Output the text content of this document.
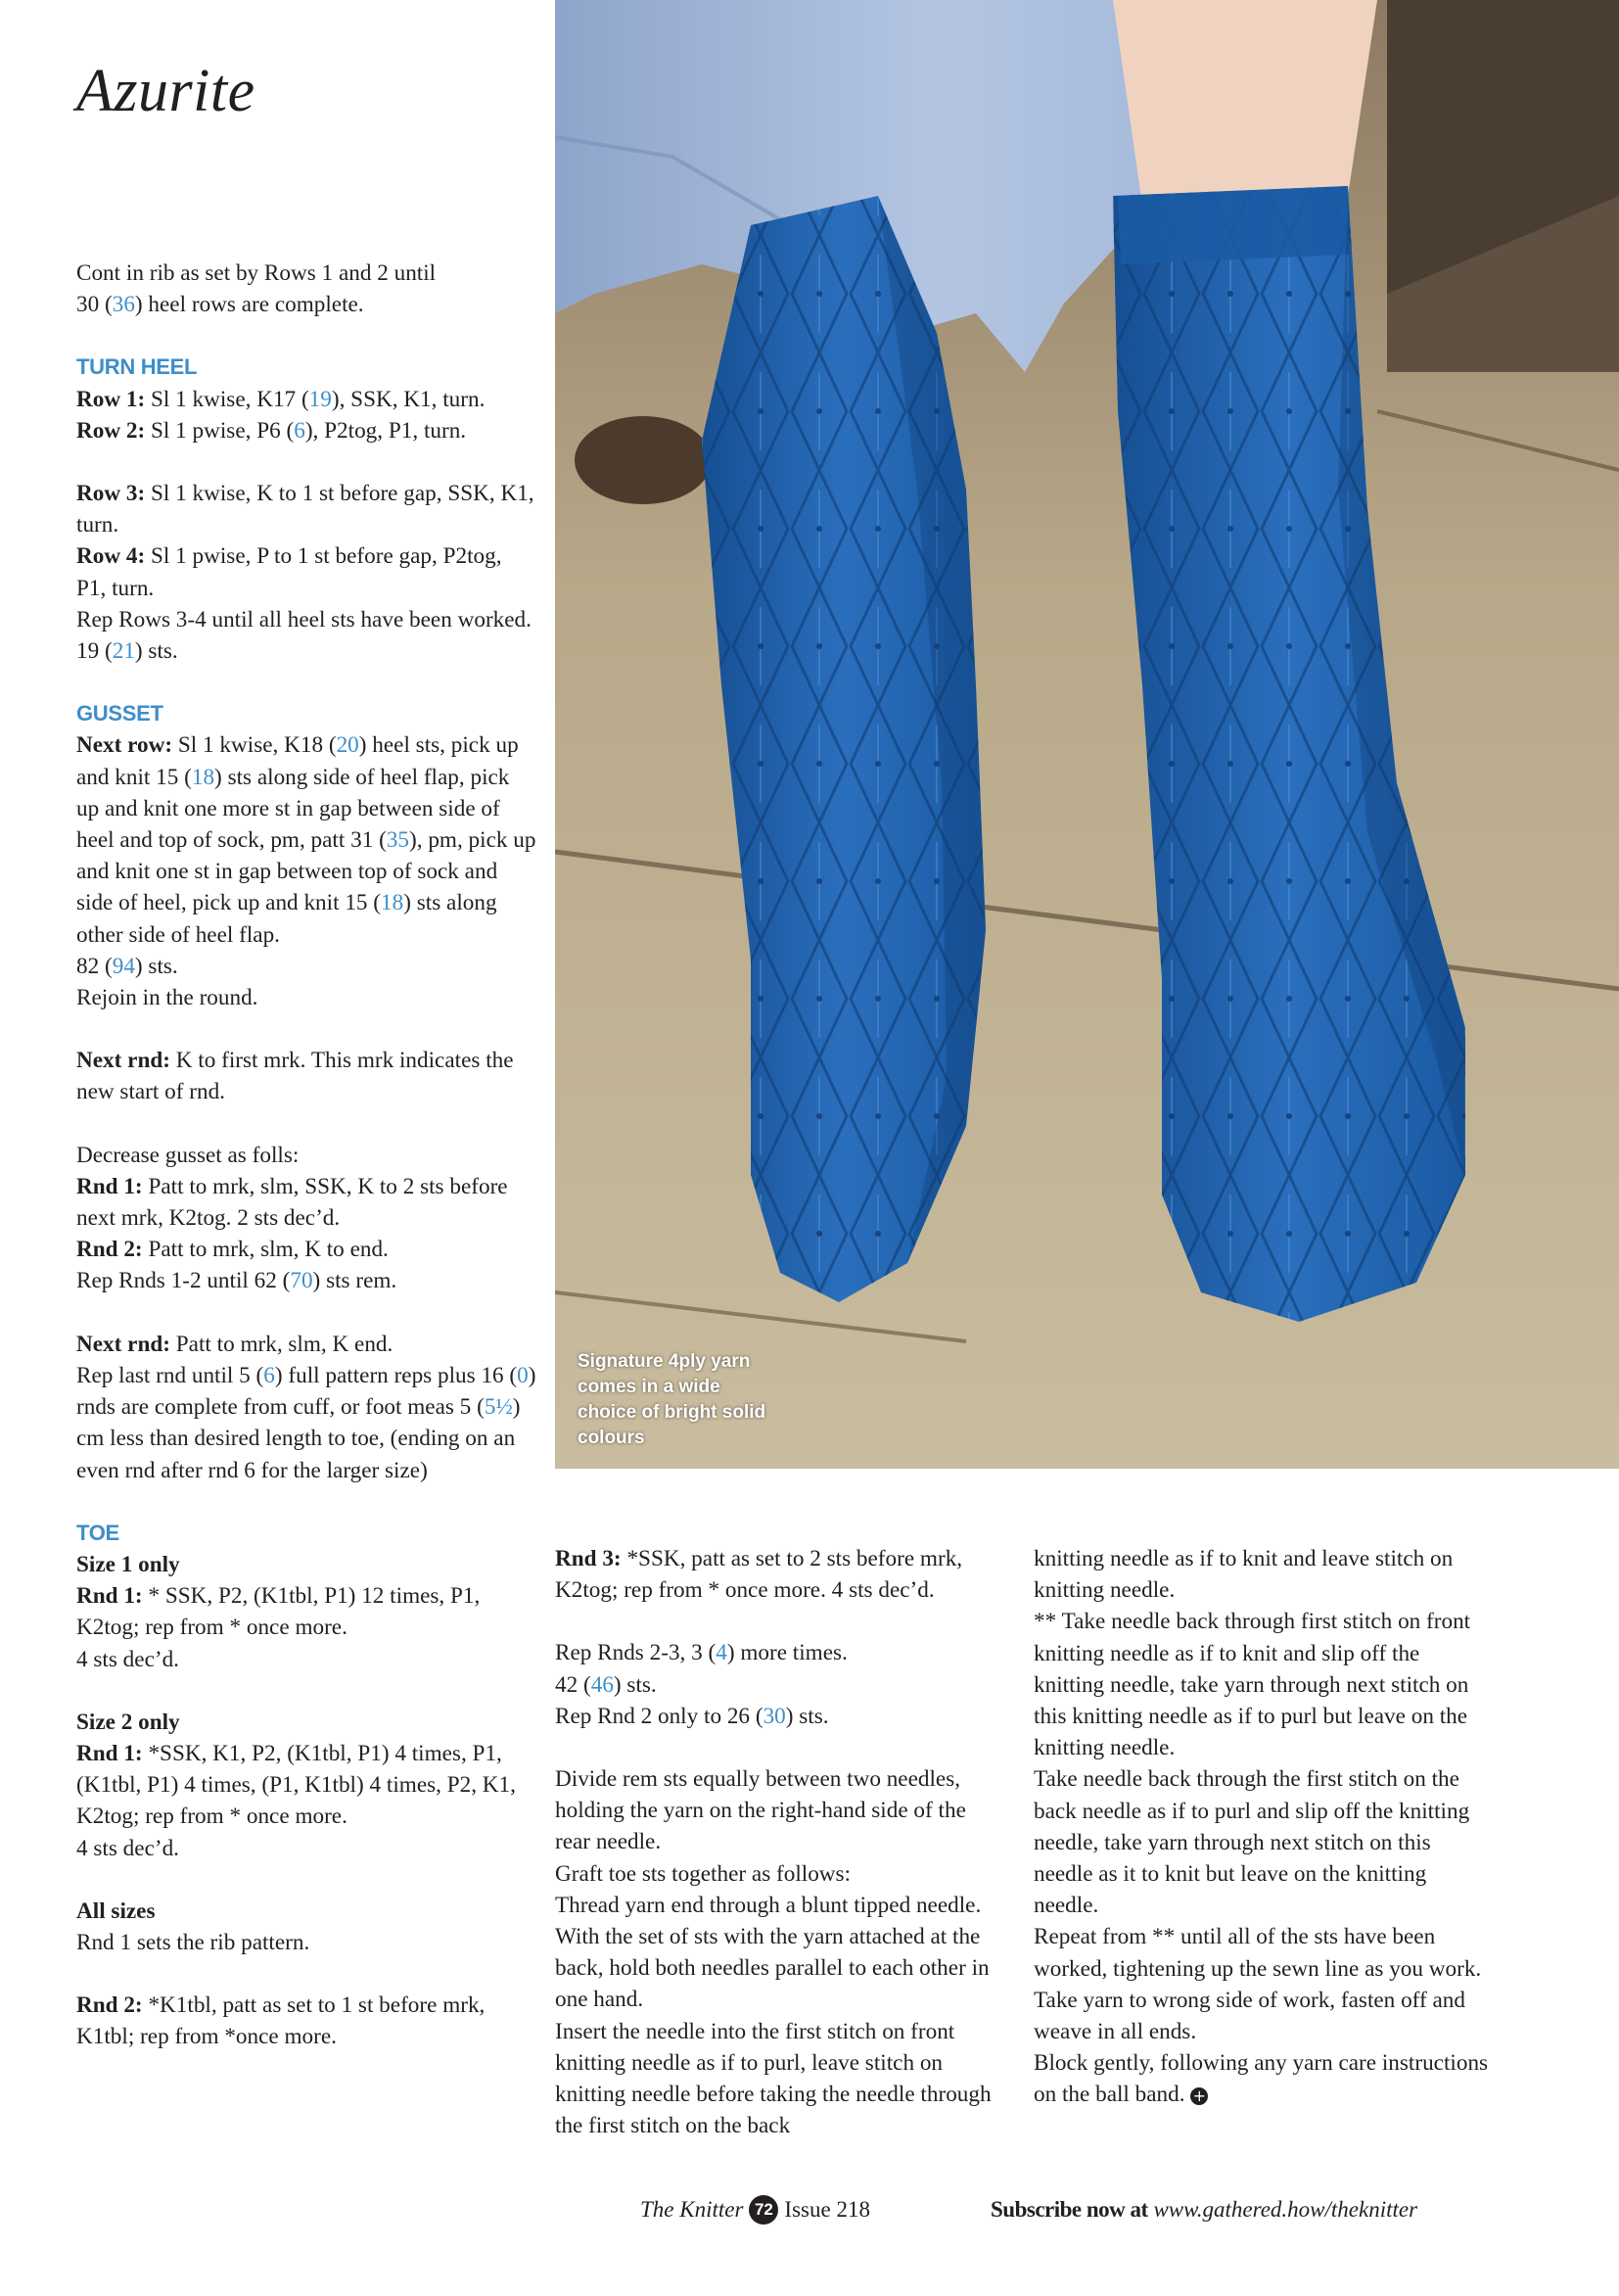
Azurite
Signature 4ply yarn comes in a wide choice of bright solid colours

Cont in rib as set by Rows 1 and 2 until
30 (36) heel rows are complete.

TURN HEEL

Row 1: Sl 1 kwise, K17 (19), SSK, K1, turn.

Row 2: Sl 1 pwise, P6 (6), P2tog, P1, turn.

Row 3: Sl 1 kwise, K to 1 st before gap, SSK, K1, turn.

Row 4: Sl 1 pwise, P to 1 st before gap, P2tog, P1, turn.

Rep Rows 3-4 until all heel sts have been worked.

19 (21) sts.

GUSSET

Next row: Sl 1 kwise, K18 (20) heel sts, pick up and knit 15 (18) sts along side of heel flap, pick up and knit one more st in gap between side of heel and top of sock, pm, patt 31 (35), pm, pick up and knit one st in gap between top of sock and side of heel, pick up and knit 15 (18) sts along other side of heel flap.

82 (94) sts.

Rejoin in the round.

Next rnd: K to first mrk. This mrk indicates the new start of rnd.

Decrease gusset as folls:

Rnd 1: Patt to mrk, slm, SSK, K to 2 sts before next mrk, K2tog. 2 sts dec’d.

Rnd 2: Patt to mrk, slm, K to end.

Rep Rnds 1-2 until 62 (70) sts rem.

Next rnd: Patt to mrk, slm, K end.

Rep last rnd until 5 (6) full pattern reps plus 16 (0) rnds are complete from cuff, or foot meas 5 (5½) cm less than desired length to toe, (ending on an even rnd after rnd 6 for the larger size)

TOE

Size 1 only

Rnd 1: * SSK, P2, (K1tbl, P1) 12 times, P1, K2tog; rep from * once more.

4 sts dec’d.

Size 2 only

Rnd 1: *SSK, K1, P2, (K1tbl, P1) 4 times, P1, (K1tbl, P1) 4 times, (P1, K1tbl) 4 times, P2, K1, K2tog; rep from * once more.

4 sts dec’d.

All sizes

Rnd 1 sets the rib pattern.

Rnd 2: *K1tbl, patt as set to 1 st before mrk, K1tbl; rep from *once more.

Rnd 3: *SSK, patt as set to 2 sts before mrk, K2tog; rep from * once more. 4 sts dec’d.

Rep Rnds 2-3, 3 (4) more times.

42 (46) sts.

Rep Rnd 2 only to 26 (30) sts.

Divide rem sts equally between two needles, holding the yarn on the right-hand side of the rear needle.

Graft toe sts together as follows:

Thread yarn end through a blunt tipped needle. With the set of sts with the yarn attached at the back, hold both needles parallel to each other in one hand.

Insert the needle into the first stitch on front knitting needle as if to purl, leave stitch on knitting needle before taking the needle through the first stitch on the back

knitting needle as if to knit and leave stitch on knitting needle.

** Take needle back through first stitch on front knitting needle as if to knit and slip off the knitting needle, take yarn through next stitch on this knitting needle as if to purl but leave on the knitting needle.

Take needle back through the first stitch on the back needle as if to purl and slip off the knitting needle, take yarn through next stitch on this needle as it to knit but leave on the knitting needle.

Repeat from ** until all of the sts have been worked, tightening up the sewn line as you work.

Take yarn to wrong side of work, fasten off and weave in all ends.

Block gently, following any yarn care instructions on the ball band. +

The Knitter 72 Issue 218	Subscribe now at
www.gathered.how/theknitter
